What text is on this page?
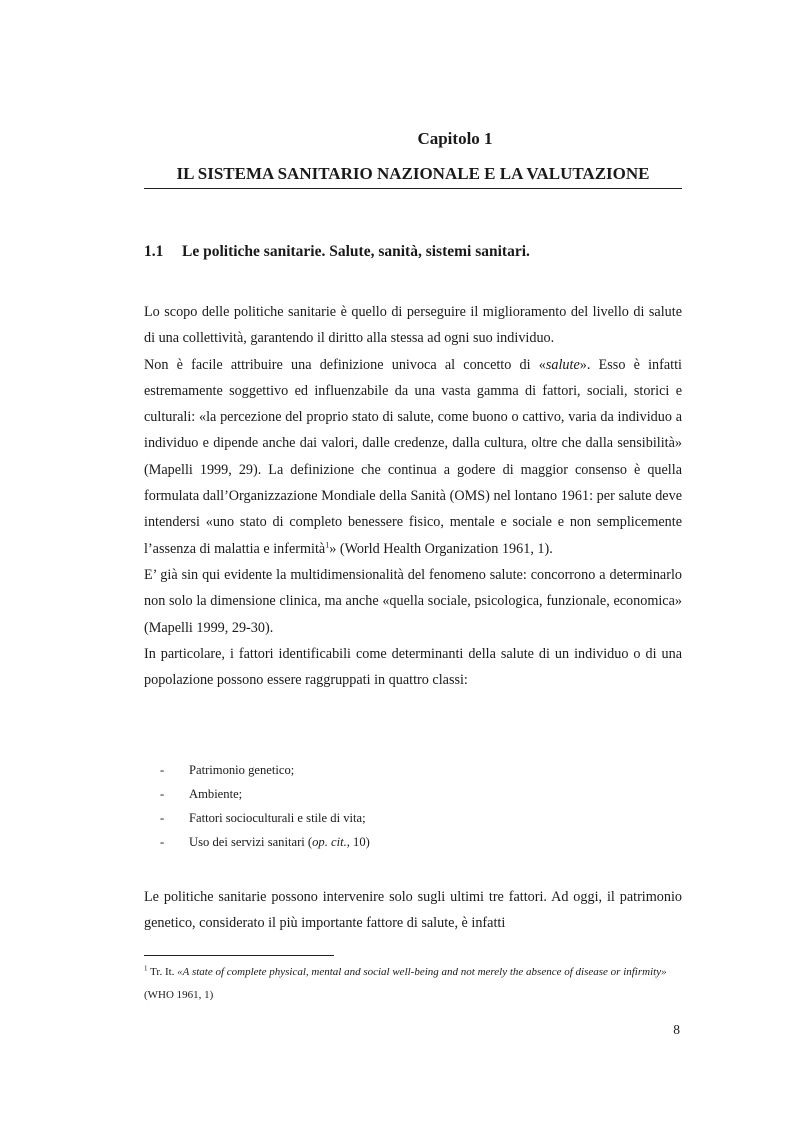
Capitolo 1
IL SISTEMA SANITARIO NAZIONALE E LA VALUTAZIONE
1.1 Le politiche sanitarie. Salute, sanità, sistemi sanitari.

Lo scopo delle politiche sanitarie è quello di perseguire il miglioramento del livello di salute di una collettività, garantendo il diritto alla stessa ad ogni suo individuo.

Non è facile attribuire una definizione univoca al concetto di «salute». Esso è infatti estremamente soggettivo ed influenzabile da una vasta gamma di fattori, sociali, storici e culturali: «la percezione del proprio stato di salute, come buono o cattivo, varia da individuo a individuo e dipende anche dai valori, dalle credenze, dalla cultura, oltre che dalla sensibilità» (Mapelli 1999, 29). La definizione che continua a godere di maggior consenso è quella formulata dall’Organizzazione Mondiale della Sanità (OMS) nel lontano 1961: per salute deve intendersi «uno stato di completo benessere fisico, mentale e sociale e non semplicemente l’assenza di malattia e infermità$^1$» (World Health Organization 1961, 1).

E’ già sin qui evidente la multidimensionalità del fenomeno salute: concorrono a determinarlo non solo la dimensione clinica, ma anche «quella sociale, psicologica, funzionale, economica» (Mapelli 1999, 29-30).

In particolare, i fattori identificabili come determinanti della salute di un individuo o di una popolazione possono essere raggruppati in quattro classi:

-	Patrimonio genetico;
-	Ambiente;
-	Fattori socioculturali e stile di vita;
-	Uso dei servizi sanitari (op. cit., 10)

Le politiche sanitarie possono intervenire solo sugli ultimi tre fattori. Ad oggi, il patrimonio genetico, considerato il più importante fattore di salute, è infatti

$^1$ Tr. It. «A state of complete physical, mental and social well-being and not merely the absence of disease or infirmity»
(WHO 1961, 1)

8
